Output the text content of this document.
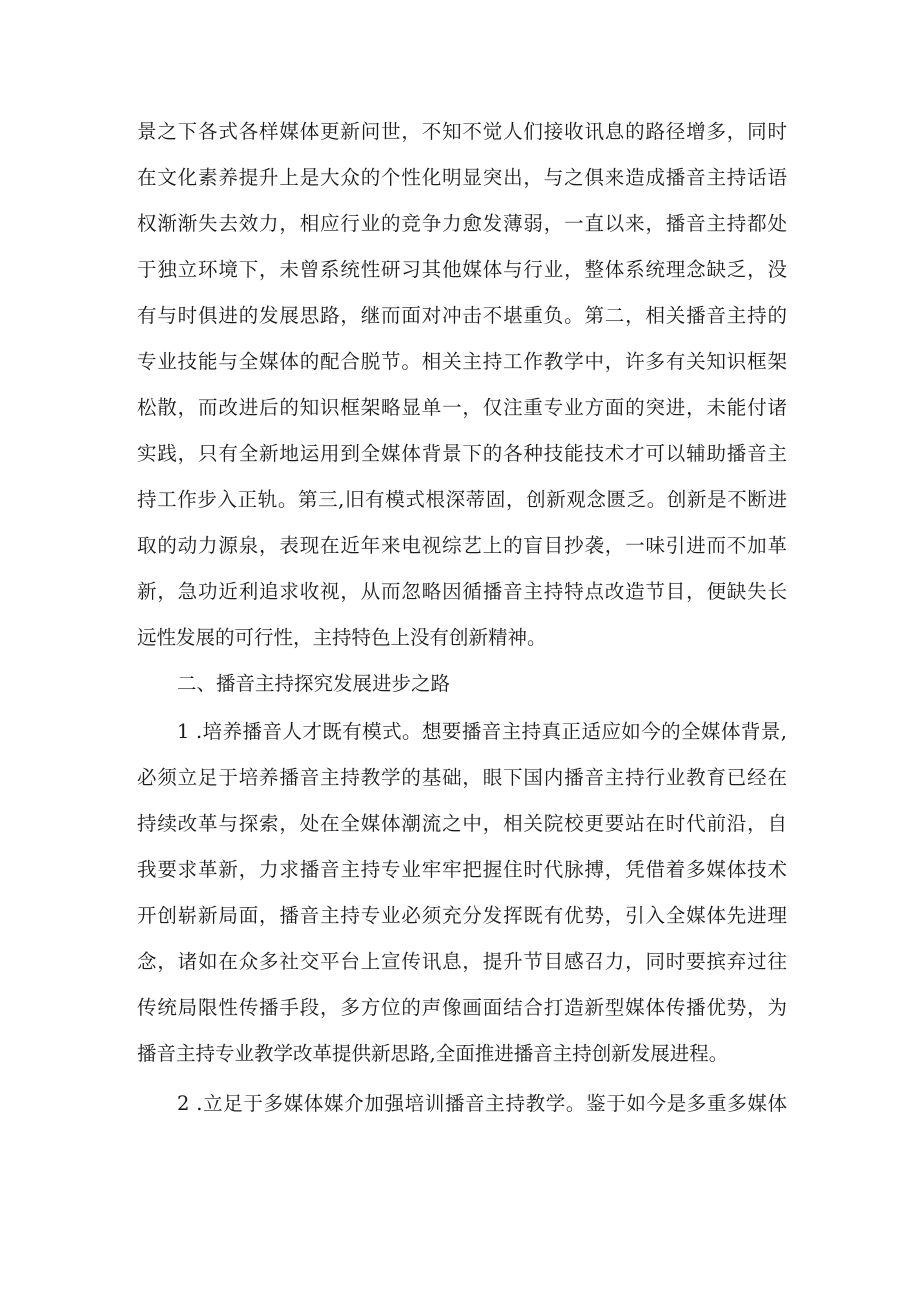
景之下各式各样媒体更新问世，不知不觉人们接收讯息的路径增多，同时
在文化素养提升上是大众的个性化明显突出，与之俱来造成播音主持话语
权渐渐失去效力，相应行业的竞争力愈发薄弱，一直以来，播音主持都处
于独立环境下，未曾系统性研习其他媒体与行业，整体系统理念缺乏，没
有与时俱进的发展思路，继而面对冲击不堪重负。第二，相关播音主持的
专业技能与全媒体的配合脱节。相关主持工作教学中，许多有关知识框架
松散，而改进后的知识框架略显单一，仅注重专业方面的突进，未能付诸
实践，只有全新地运用到全媒体背景下的各种技能技术才可以辅助播音主
持工作步入正轨。第三,旧有模式根深蒂固，创新观念匮乏。创新是不断进
取的动力源泉，表现在近年来电视综艺上的盲目抄袭，一味引进而不加革
新，急功近利追求收视，从而忽略因循播音主持特点改造节目，便缺失长
远性发展的可行性，主持特色上没有创新精神。
二、播音主持探究发展进步之路
1 .培养播音人才既有模式。想要播音主持真正适应如今的全媒体背景,
必须立足于培养播音主持教学的基础，眼下国内播音主持行业教育已经在
持续改革与探索，处在全媒体潮流之中，相关院校更要站在时代前沿，自
我要求革新，力求播音主持专业牢牢把握住时代脉搏，凭借着多媒体技术
开创崭新局面，播音主持专业必须充分发挥既有优势，引入全媒体先进理
念，诸如在众多社交平台上宣传讯息，提升节目感召力，同时要摈弃过往
传统局限性传播手段，多方位的声像画面结合打造新型媒体传播优势，为
播音主持专业教学改革提供新思路,全面推进播音主持创新发展进程。
2 .立足于多媒体媒介加强培训播音主持教学。鉴于如今是多重多媒体
